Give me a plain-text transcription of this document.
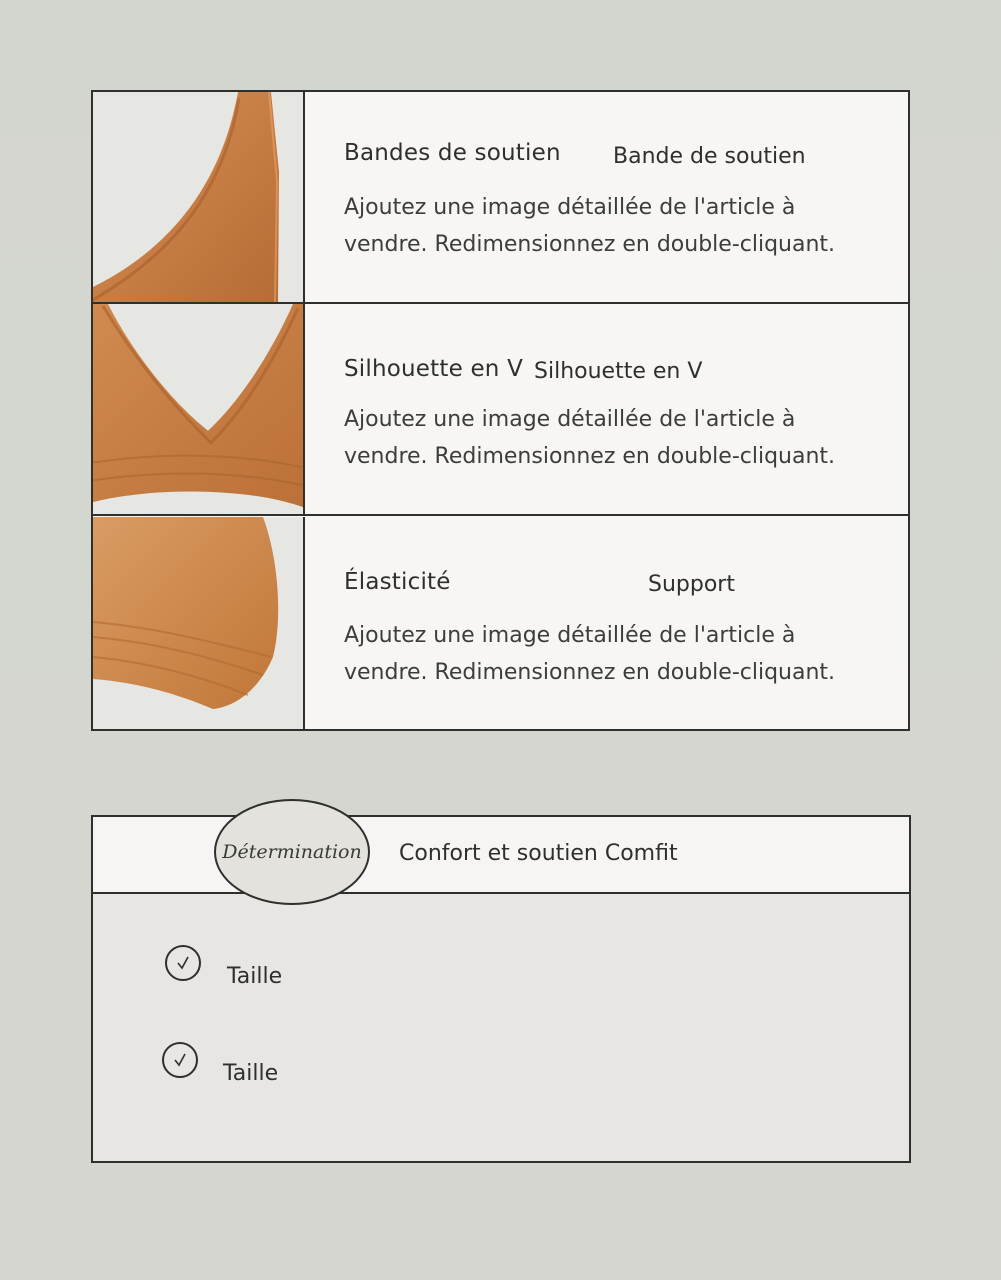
Bandes de soutien Bande de soutien
Ajoutez une image détaillée de l'article à vendre. Redimensionnez en double-cliquant.
Silhouette en V Silhouette en V
Ajoutez une image détaillée de l'article à vendre. Redimensionnez en double-cliquant.
Élasticité	Support
Ajoutez une image détaillée de l'article à vendre. Redimensionnez en double-cliquant.
Détermination Confort et soutien Comfit
Taille
Taille
